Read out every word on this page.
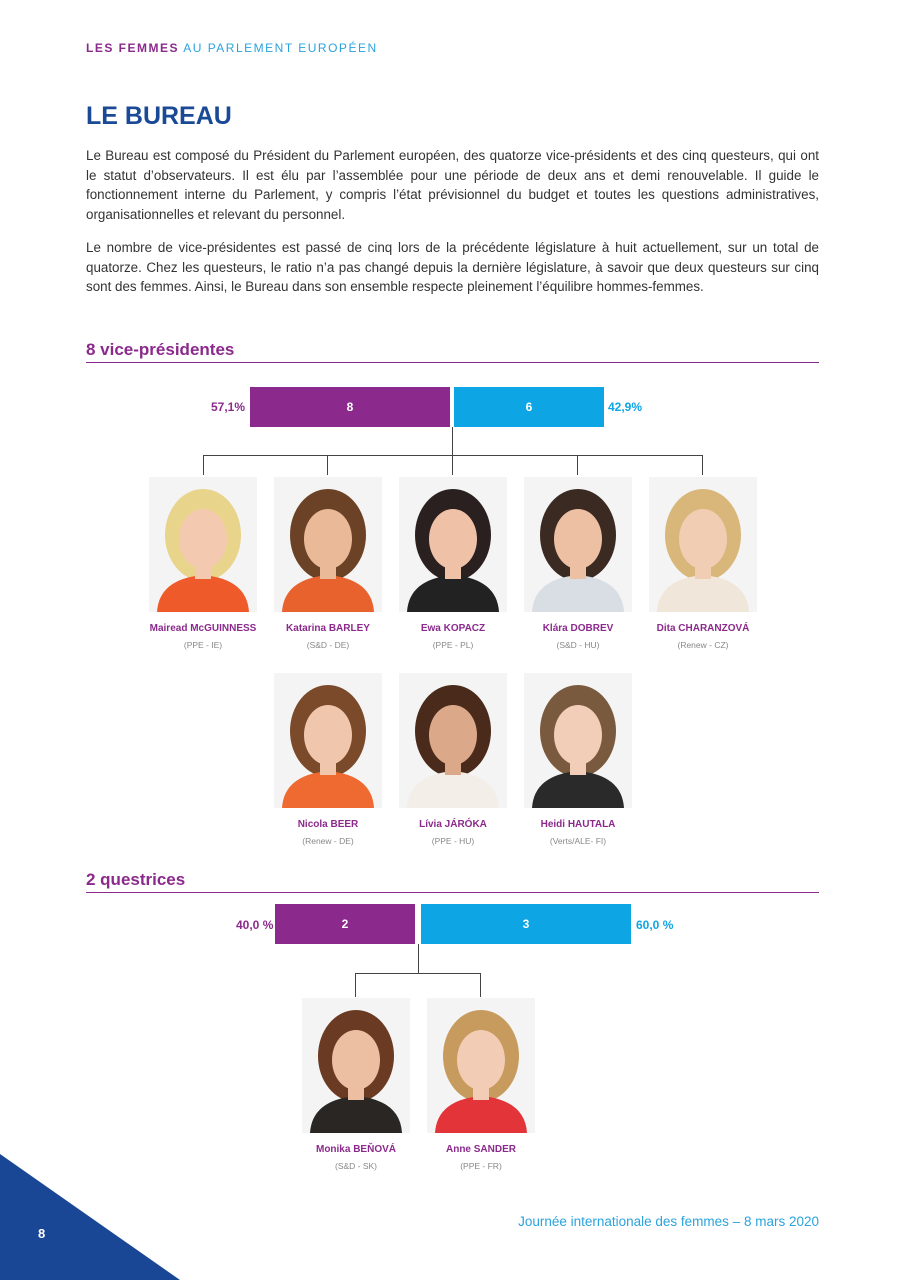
LES FEMMES AU PARLEMENT EUROPÉEN
LE BUREAU

Le Bureau est composé du Président du Parlement européen, des quatorze vice-présidents et des cinq questeurs, qui ont le statut d’observateurs. Il est élu par l’assemblée pour une période de deux ans et demi renouvelable. Il guide le fonctionnement interne du Parlement, y compris l’état prévisionnel du budget et toutes les questions administratives, organisationnelles et relevant du personnel.

Le nombre de vice-présidentes est passé de cinq lors de la précédente législature à huit actuellement, sur un total de quatorze. Chez les questeurs, le ratio n’a pas changé depuis la dernière législature, à savoir que deux questeurs sur cinq sont des femmes. Ainsi, le Bureau dans son ensemble respecte pleinement l’équilibre hommes-femmes.

8 vice-présidentes
57,1%	8	6	42,9%
2 questrices
40,0 %	2	3	60,0 %
Mairead McGUINNESS
(PPE - IE)
Katarina BARLEY
(S&D - DE)
Ewa KOPACZ
(PPE - PL)
Klára DOBREV
(S&D - HU)
Dita CHARANZOVÁ
(Renew - CZ)
Nicola BEER
(Renew - DE)
Lívia JÁRÓKA
(PPE - HU)
Heidi HAUTALA
(Verts/ALE- FI)
Monika BEŇOVÁ
(S&D - SK)
Anne SANDER
(PPE - FR)
8
Journée internationale des femmes – 8 mars 2020
